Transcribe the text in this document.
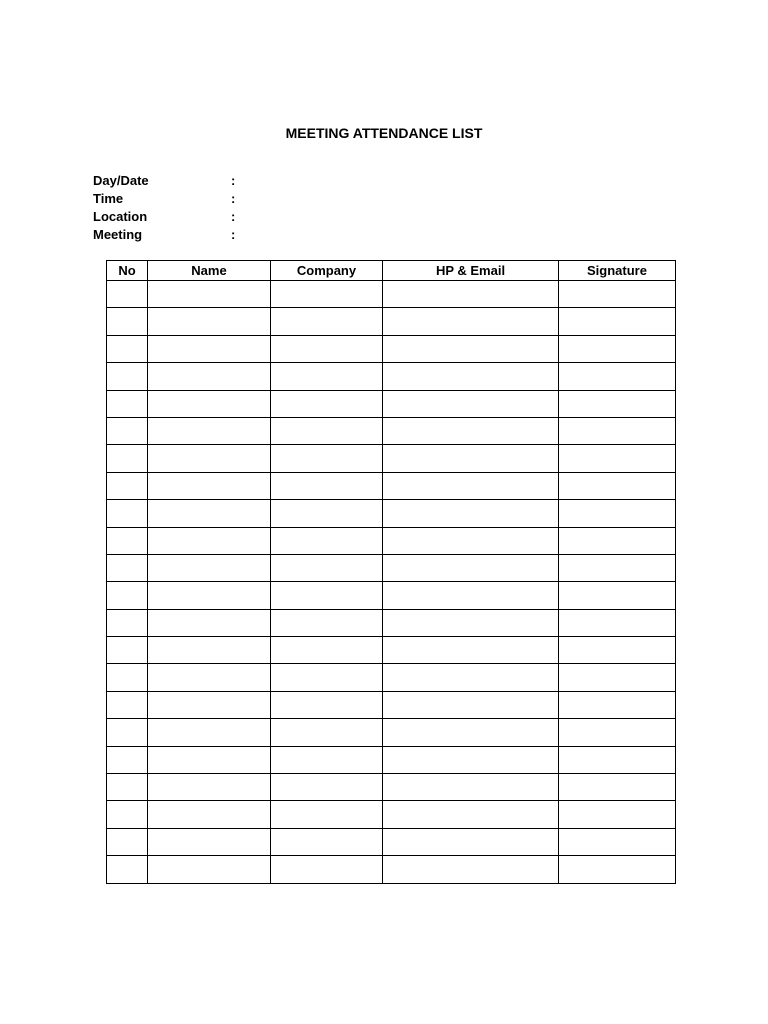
MEETING ATTENDANCE LIST
Day/Date	:
Time	:
Location	:
Meeting	:
No	Name	Company	HP & Email	Signature
